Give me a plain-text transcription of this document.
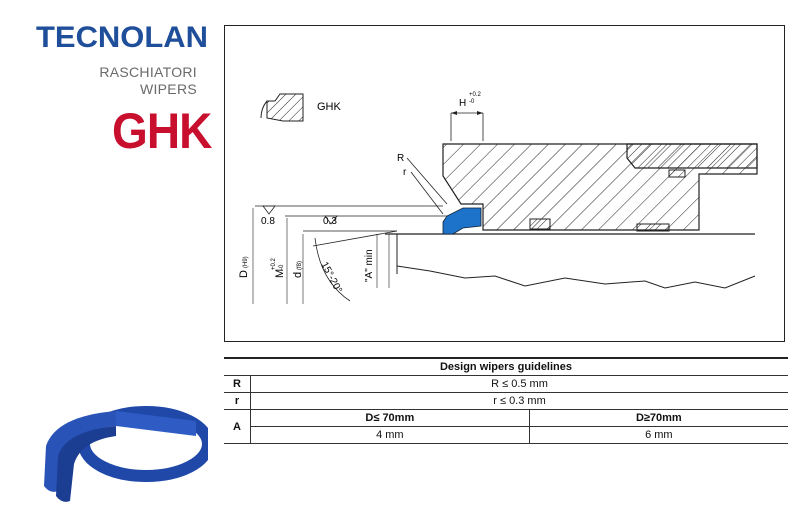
TECNOLAN
RASCHIATORI
WIPERS
GHK	GHK	H
+0.2
-0
R
r
0.8	0.3
D
(H9)
M
+0.2 -0
d
(f8) 15°-20° "A" min
Design wipers guidelines		
R	R ≤ 0.5 mm	
r	r ≤ 0.3 mm	
A	D≤ 70mm	D≥70mm
	4 mm	6 mm
